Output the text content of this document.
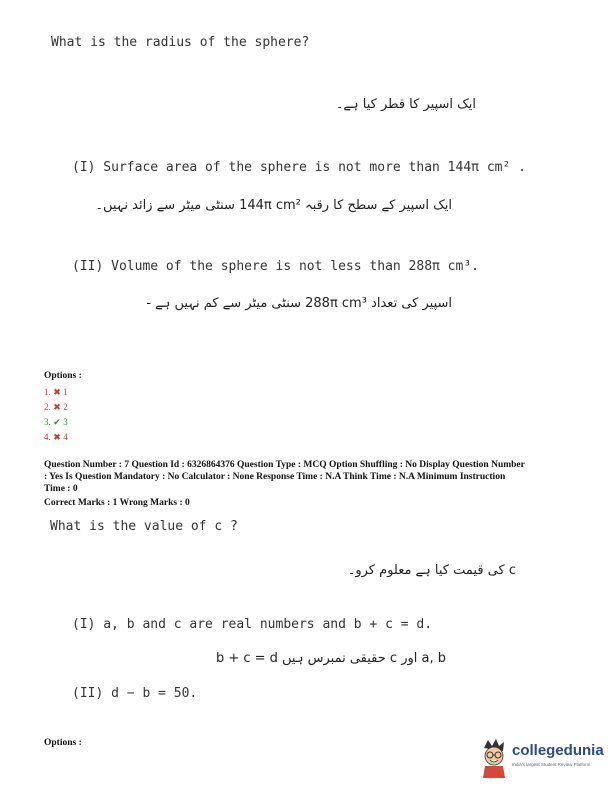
What is the radius of the sphere?
ایک اسپیر کا قطر کیا ہے۔
(I) Surface area of the sphere is not more than 144π cm² .
ایک اسپیر کے سطح کا رقبہ 144π cm² سنٹی میٹر سے زائد نہیں۔
(II) Volume of the sphere is not less than 288π cm³.
اسپیر کی تعداد 288π cm³ سنٹی میٹر سے کم نہیں ہے -
Options :
1. ✖ 1
2. ✖ 2
3. ✔ 3
4. ✖ 4
Question Number : 7 Question Id : 6326864376 Question Type : MCQ Option Shuffling : No Display Question Number
: Yes Is Question Mandatory : No Calculator : None Response Time : N.A Think Time : N.A Minimum Instruction
Time : 0
Correct Marks : 1 Wrong Marks : 0
What is the value of c ?
c کی قیمت کیا ہے معلوم کرو۔
(I) a, b and c are real numbers and b + c = d.
a, b اور c حقیقی نمبرس ہیں b + c = d
(II) d − b = 50.
Options :	collegedunia
India's largest Student Review Platform
